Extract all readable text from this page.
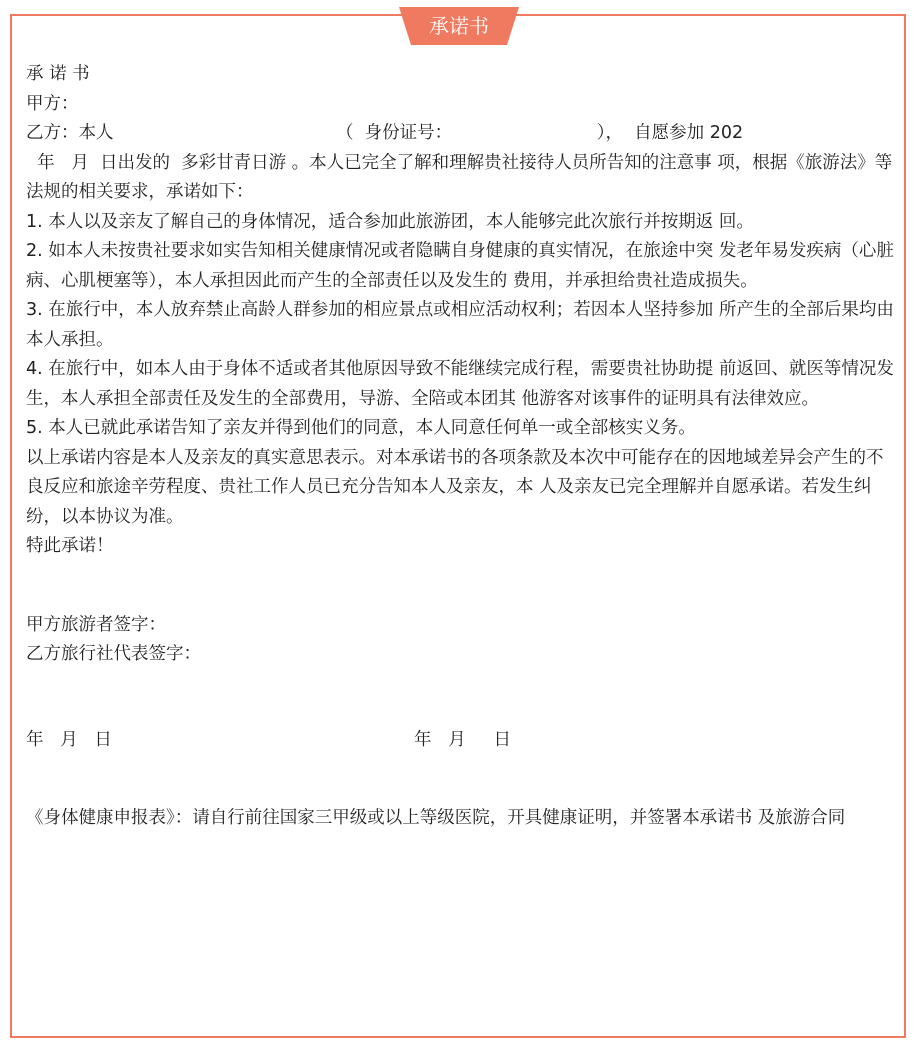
承诺书

承 诺 书

甲方：

乙方：本人                                        （  身份证号：                          ），  自愿参加 202

年   月  日出发的  多彩甘青日游 。本人已完全了解和理解贵社接待人员所告知的注意事 项，根据《旅游法》等法规的相关要求，承诺如下：

1. 本人以及亲友了解自己的身体情况，适合参加此旅游团，本人能够完此次旅行并按期返 回。

2. 如本人未按贵社要求如实告知相关健康情况或者隐瞒自身健康的真实情况，在旅途中突 发老年易发疾病（心脏病、心肌梗塞等），本人承担因此而产生的全部责任以及发生的 费用，并承担给贵社造成损失。

3. 在旅行中，本人放弃禁止高龄人群参加的相应景点或相应活动权利；若因本人坚持参加 所产生的全部后果均由本人承担。

4. 在旅行中，如本人由于身体不适或者其他原因导致不能继续完成行程，需要贵社协助提 前返回、就医等情况发生，本人承担全部责任及发生的全部费用，导游、全陪或本团其 他游客对该事件的证明具有法律效应。

5. 本人已就此承诺告知了亲友并得到他们的同意，本人同意任何单一或全部核实义务。

以上承诺内容是本人及亲友的真实意思表示。对本承诺书的各项条款及本次中可能存在的因地域差异会产生的不良反应和旅途辛劳程度、贵社工作人员已充分告知本人及亲友，本 人及亲友已完全理解并自愿承诺。若发生纠纷，以本协议为准。

特此承诺！

甲方旅游者签字：

乙方旅行社代表签字：

年   月   日	年   月     日

《身体健康申报表》：请自行前往国家三甲级或以上等级医院，开具健康证明，并签署本承诺书 及旅游合同
